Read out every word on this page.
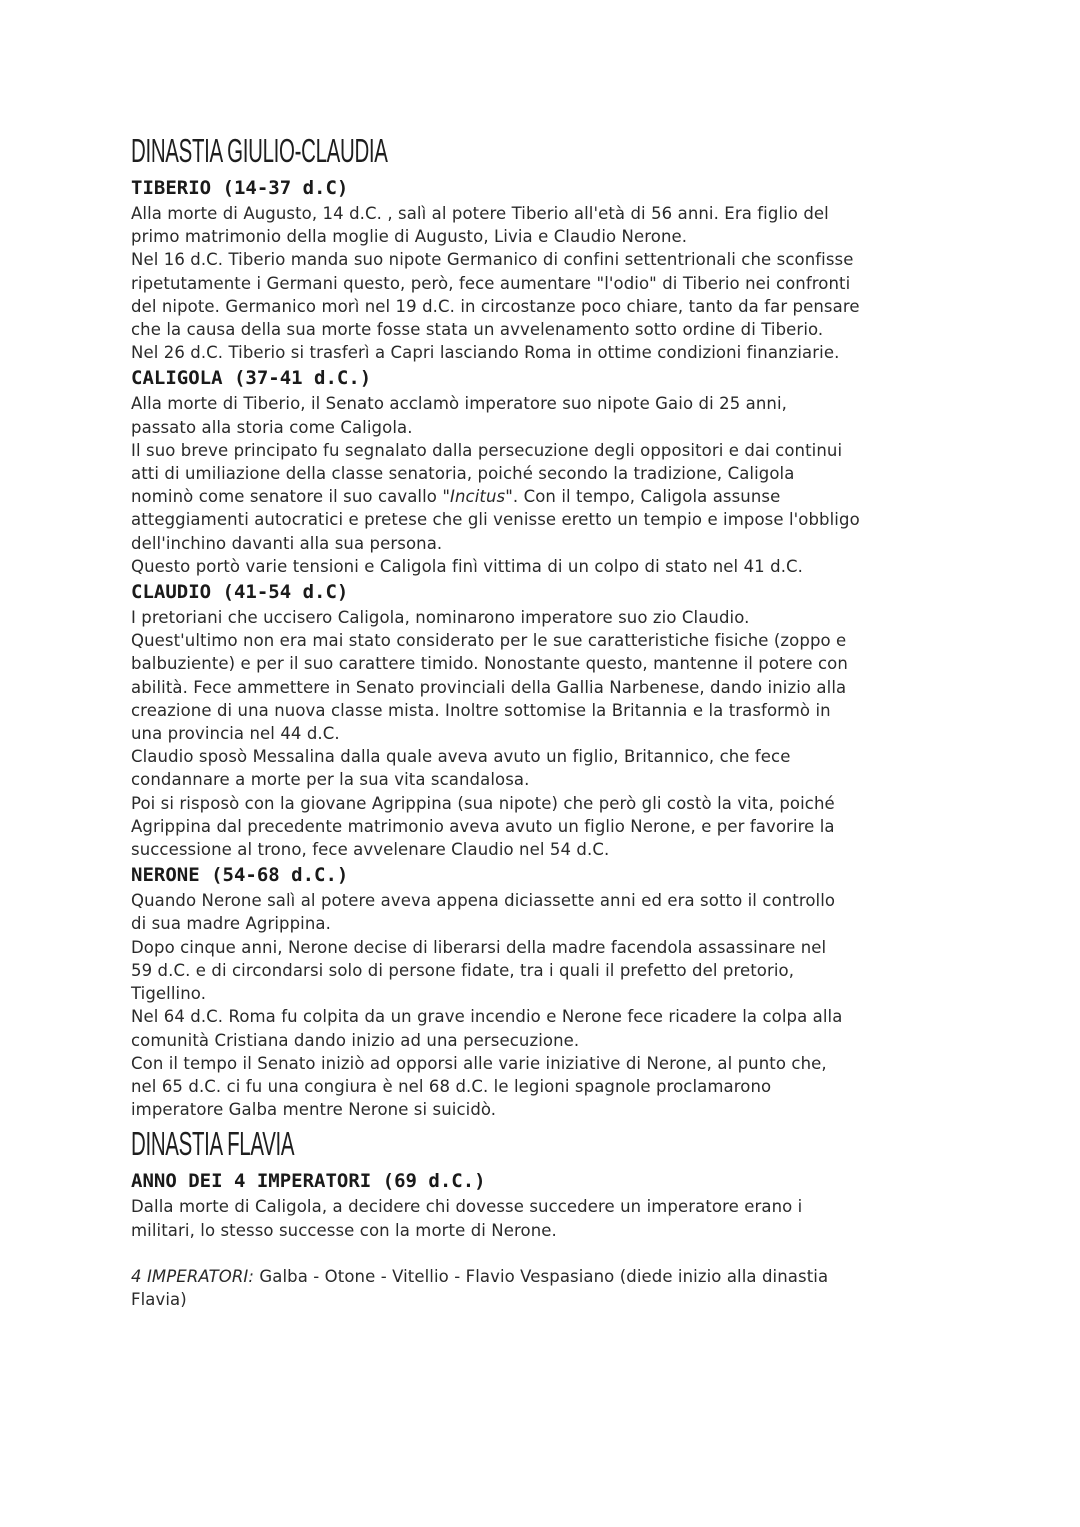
DINASTIA GIULIO-CLAUDIA
TIBERIO (14-37 d.C)

Alla morte di Augusto, 14 d.C. , salì al potere Tiberio all'età di 56 anni. Era figlio del
primo matrimonio della moglie di Augusto, Livia e Claudio Nerone.
Nel 16 d.C. Tiberio manda suo nipote Germanico di confini settentrionali che sconfisse
ripetutamente i Germani questo, però, fece aumentare "l'odio" di Tiberio nei confronti
del nipote. Germanico morì nel 19 d.C. in circostanze poco chiare, tanto da far pensare
che la causa della sua morte fosse stata un avvelenamento sotto ordine di Tiberio.
Nel 26 d.C. Tiberio si trasferì a Capri lasciando Roma in ottime condizioni finanziarie.

CALIGOLA (37-41 d.C.)

Alla morte di Tiberio, il Senato acclamò imperatore suo nipote Gaio di 25 anni,
passato alla storia come Caligola.
Il suo breve principato fu segnalato dalla persecuzione degli oppositori e dai continui
atti di umiliazione della classe senatoria, poiché secondo la tradizione, Caligola
nominò come senatore il suo cavallo "Incitus". Con il tempo, Caligola assunse
atteggiamenti autocratici e pretese che gli venisse eretto un tempio e impose l'obbligo
dell'inchino davanti alla sua persona.
Questo portò varie tensioni e Caligola finì vittima di un colpo di stato nel 41 d.C.

CLAUDIO (41-54 d.C)

I pretoriani che uccisero Caligola, nominarono imperatore suo zio Claudio.
Quest'ultimo non era mai stato considerato per le sue caratteristiche fisiche (zoppo e
balbuziente) e per il suo carattere timido. Nonostante questo, mantenne il potere con
abilità. Fece ammettere in Senato provinciali della Gallia Narbenese, dando inizio alla
creazione di una nuova classe mista. Inoltre sottomise la Britannia e la trasformò in
una provincia nel 44 d.C.
Claudio sposò Messalina dalla quale aveva avuto un figlio, Britannico, che fece
condannare a morte per la sua vita scandalosa.
Poi si risposò con la giovane Agrippina (sua nipote) che però gli costò la vita, poiché
Agrippina dal precedente matrimonio aveva avuto un figlio Nerone, e per favorire la
successione al trono, fece avvelenare Claudio nel 54 d.C.

NERONE (54-68 d.C.)

Quando Nerone salì al potere aveva appena diciassette anni ed era sotto il controllo
di sua madre Agrippina.
Dopo cinque anni, Nerone decise di liberarsi della madre facendola assassinare nel
59 d.C. e di circondarsi solo di persone fidate, tra i quali il prefetto del pretorio,
Tigellino.
Nel 64 d.C. Roma fu colpita da un grave incendio e Nerone fece ricadere la colpa alla
comunità Cristiana dando inizio ad una persecuzione.
Con il tempo il Senato iniziò ad opporsi alle varie iniziative di Nerone, al punto che,
nel 65 d.C. ci fu una congiura è nel 68 d.C. le legioni spagnole proclamarono
imperatore Galba mentre Nerone si suicidò.

DINASTIA FLAVIA
ANNO DEI 4 IMPERATORI (69 d.C.)

Dalla morte di Caligola, a decidere chi dovesse succedere un imperatore erano i
militari, lo stesso successe con la morte di Nerone.

4 IMPERATORI: Galba - Otone - Vitellio - Flavio Vespasiano (diede inizio alla dinastia
Flavia)
